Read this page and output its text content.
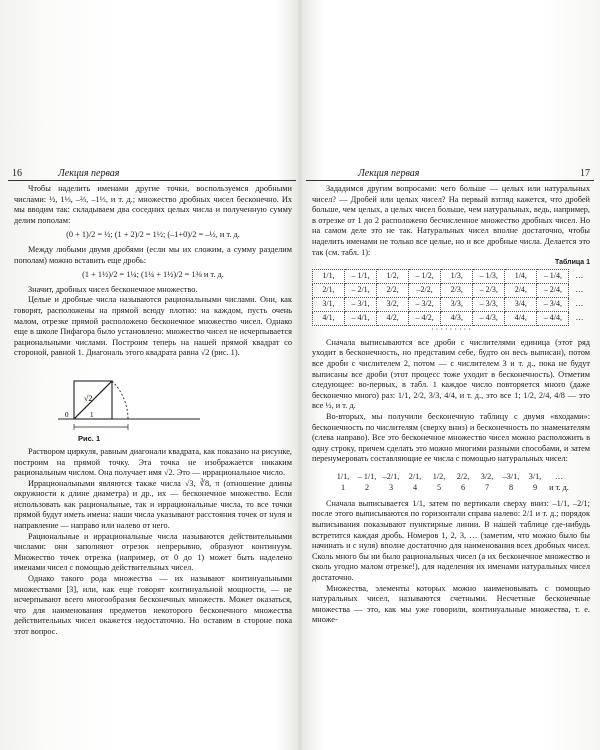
16	Лекция первая

Чтобы наделить именами другие точки, воспользуемся дробными числами: ½, 1⅓, –⅔, –1⅓, и т. д.; множество дробных чисел бесконечно. Их мы вводим так: складываем два соседних целых числа и полученную сумму делим пополам:

(0 + 1)/2 = ½; (1 + 2)/2 = 1½; (–1+0)/2 = –½, и т. д.

Между любыми двумя дробями (если мы их сложим, а сумму разделим пополам) можно вставить еще дробь:

(1 + 1½)/2 = 1¼; (1¼ + 1½)/2 = 1⅜ и т. д.

Значит, дробных чисел бесконечное множество.

Целые и дробные числа называются рациональными числами. Они, как говорят, расположены на прямой всюду плотно: на каждом, пусть очень малом, отрезке прямой расположено бесконечное множество чисел. Однако еще в школе Пифагора было установлено: множество чисел не исчерпывается рациональными числами. Построим теперь на нашей прямой квадрат со стороной, равной 1. Диагональ этого квадрата равна √2 (рис. 1).

√2
0	1
Рис. 1

Раствором циркуля, равным диагонали квадрата, как показано на рисунке, построим на прямой точку. Эта точка не изображается никаким рациональным числом. Она получает имя √2. Это — иррациональное число.

Иррациональными являются также числа √3, ∛8, π (отношение длины окружности к длине диаметра) и др., их — бесконечное множество. Если использовать как рациональные, так и иррациональные числа, то все точки прямой будут иметь имена: наши числа указывают расстояния точек от нуля и направление — направо или налево от него.

Рациональные и иррациональные числа называются действительными числами: они заполняют отрезок непрерывно, образуют континуум. Множество точек отрезка (например, от 0 до 1) может быть наделено именами чисел с помощью действительных чисел.

Однако такого рода множества — их называют континуальными множествами [3], или, как еще говорят континуальной мощности, — не исчерпывают всего многообразия бесконечных множеств. Может оказаться, что для наименования предметов некоторого бесконечного множества действительных чисел окажется недостаточно. Но оставим в стороне пока этот вопрос.

Лекция первая	17

Зададимся другим вопросами: чего больше — целых или натуральных чисел? — Дробей или целых чисел? На первый взгляд кажется, что дробей больше, чем целых, а целых чисел больше, чем натуральных, ведь, например, в отрезке от 1 до 2 расположено бесчисленное множество дробных чисел. Но на самом деле это не так. Натуральных чисел вполне достаточно, чтобы наделить именами не только все целые, но и все дробные числа. Делается это так (см. табл. 1):

Таблица 1

1/1,	– 1/1,	1/2,	– 1/2,	1/3,	– 1/3,	1/4,	– 1/4,	…
2/1,	– 2/1,	2/2,	–2/2,	2/3,	– 2/3,	2/4,	– 2/4,	…
3/1,	– 3/1,	3/2,	– 3/2,	3/3,	– 3/3,	3/4,	– 3/4,	…
4/1,	– 4/1,	4/2,	– 4/2,	4/3,	– 4/3,	4/4,	– 4/4,	…
· · · · · · · · ·

Сначала выписываются все дроби с числителями единица (этот ряд уходит в бесконечность, но представим себе, будто он весь выписан), потом все дроби с числителем 2, потом — с числителем 3 и т. д., пока не будут выписаны все дроби (этот процесс тоже уходит в бесконечность). Отметим следующее: во-первых, в табл. 1 каждое число повторяется много (даже бесконечно много) раз: 1/1, 2/2, 3/3, 4/4, и т. д., это все 1; 1/2, 2/4, 4/8 — это все ½, и т. д.

Во-вторых, мы получили бесконечную таблицу с двумя «входами»: бесконечность по числителям (сверху вниз) и бесконечность по знаменателям (слева направо). Все это бесконечное множество чисел можно расположить в одну строку, причем сделать это можно многими разными способами, и затем перенумеровать составляющие ее числа с помощью натуральных чисел:

1/1,	– 1/1, –2/1,	2/1,	1/2,	2/2,	3/2,	–3/1,	3/1,	…
1	2	3	4	5	6	7	8	9	и т. д.

Сначала выписывается 1/1, затем по вертикали сверху вниз: –1/1, –2/1; после этого выписываются по горизонтали справа налево: 2/1 и т. д.; порядок выписывания показывают пунктирные линии. В нашей таблице где-нибудь встретится каждая дробь. Номеров 1, 2, 3, … (заметим, что можно было бы начинать и с нуля) вполне достаточно для наименования всех дробных чисел. Сколь много бы ни было рациональных чисел (а их бесконечное множество и сколь угодно малом отрезке!), для наделения их именами натуральных чисел достаточно.

Множества, элементы которых можно наименовывать с помощью натуральных чисел, называются счетными. Несчетные бесконечные множества — это, как мы уже говорили, континуальные множества, т. е. множе-
